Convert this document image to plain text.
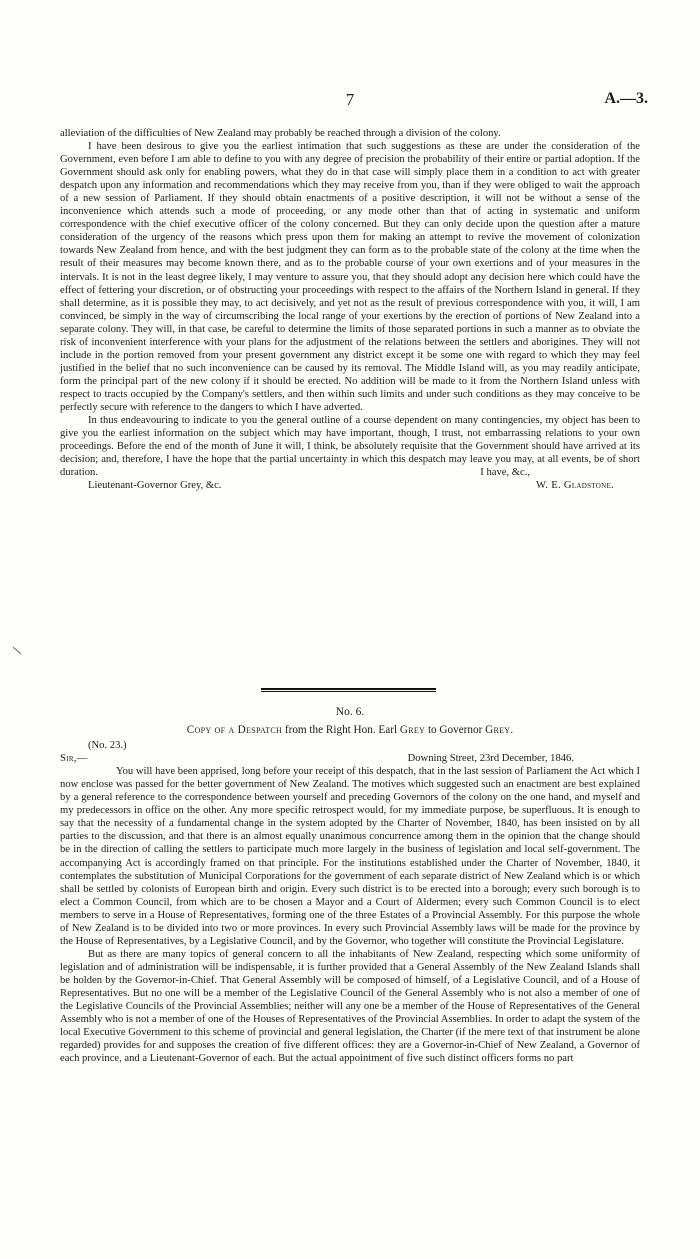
7	A.—3.

alleviation of the difficulties of New Zealand may probably be reached through a division of the colony.

I have been desirous to give you the earliest intimation that such suggestions as these are under the consideration of the Government, even before I am able to define to you with any degree of precision the probability of their entire or partial adoption. If the Government should ask only for enabling powers, what they do in that case will simply place them in a condition to act with greater despatch upon any information and recommendations which they may receive from you, than if they were obliged to wait the approach of a new session of Parliament. If they should obtain enactments of a positive description, it will not be without a sense of the inconvenience which attends such a mode of proceeding, or any mode other than that of acting in systematic and uniform correspondence with the chief executive officer of the colony concerned. But they can only decide upon the question after a mature consideration of the urgency of the reasons which press upon them for making an attempt to revive the movement of colonization towards New Zealand from hence, and with the best judgment they can form as to the probable state of the colony at the time when the result of their measures may become known there, and as to the probable course of your own exertions and of your measures in the intervals. It is not in the least degree likely, I may venture to assure you, that they should adopt any decision here which could have the effect of fettering your discretion, or of obstructing your proceedings with respect to the affairs of the Northern Island in general. If they shall determine, as it is possible they may, to act decisively, and yet not as the result of previous correspondence with you, it will, I am convinced, be simply in the way of circumscribing the local range of your exertions by the erection of portions of New Zealand into a separate colony. They will, in that case, be careful to determine the limits of those separated portions in such a manner as to obviate the risk of inconvenient interference with your plans for the adjustment of the relations between the settlers and aborigines. They will not include in the portion removed from your present government any district except it be some one with regard to which they may feel justified in the belief that no such inconvenience can be caused by its removal. The Middle Island will, as you may readily anticipate, form the principal part of the new colony if it should be erected. No addition will be made to it from the Northern Island unless with respect to tracts occupied by the Company's settlers, and then within such limits and under such conditions as they may conceive to be perfectly secure with reference to the dangers to which I have adverted.

In thus endeavouring to indicate to you the general outline of a course dependent on many contingencies, my object has been to give you the earliest information on the subject which may have important, though, I trust, not embarrassing relations to your own proceedings. Before the end of the month of June it will, I think, be absolutely requisite that the Government should have arrived at its decision; and, therefore, I have the hope that the partial uncertainty in which this despatch may leave you may, at all events, be of short duration.	I have, &c.,
Lieutenant-Governor Grey, &c.	W. E. Gladstone.
No. 6.
Copy of a Despatch from the Right Hon. Earl Grey to Governor Grey.
(No. 23.)
Sir,—	Downing Street, 23rd December, 1846.

You will have been apprised, long before your receipt of this despatch, that in the last session of Parliament the Act which I now enclose was passed for the better government of New Zealand. The motives which suggested such an enactment are best explained by a general reference to the correspondence between yourself and preceding Governors of the colony on the one hand, and myself and my predecessors in office on the other. Any more specific retrospect would, for my immediate purpose, be superfluous. It is enough to say that the necessity of a fundamental change in the system adopted by the Charter of November, 1840, has been insisted on by all parties to the discussion, and that there is an almost equally unanimous concurrence among them in the opinion that the change should be in the direction of calling the settlers to participate much more largely in the business of legislation and local self-government. The accompanying Act is accordingly framed on that principle. For the institutions established under the Charter of November, 1840, it contemplates the substitution of Municipal Corporations for the government of each separate district of New Zealand which is or which shall be settled by colonists of European birth and origin. Every such district is to be erected into a borough; every such borough is to elect a Common Council, from which are to be chosen a Mayor and a Court of Aldermen; every such Common Council is to elect members to serve in a House of Representatives, forming one of the three Estates of a Provincial Assembly. For this purpose the whole of New Zealand is to be divided into two or more provinces. In every such Provincial Assembly laws will be made for the province by the House of Representatives, by a Legislative Council, and by the Governor, who together will constitute the Provincial Legislature.

But as there are many topics of general concern to all the inhabitants of New Zealand, respecting which some uniformity of legislation and of administration will be indispensable, it is further provided that a General Assembly of the New Zealand Islands shall be holden by the Governor-in-Chief. That General Assembly will be composed of himself, of a Legislative Council, and of a House of Representatives. But no one will be a member of the Legislative Council of the General Assembly who is not also a member of one of the Legislative Councils of the Provincial Assemblies; neither will any one be a member of the House of Representatives of the General Assembly who is not a member of one of the Houses of Representatives of the Provincial Assemblies. In order to adapt the system of the local Executive Government to this scheme of provincial and general legislation, the Charter (if the mere text of that instrument be alone regarded) provides for and supposes the creation of five different offices: they are a Governor-in-Chief of New Zealand, a Governor of each province, and a Lieutenant-Governor of each. But the actual appointment of five such distinct officers forms no part
